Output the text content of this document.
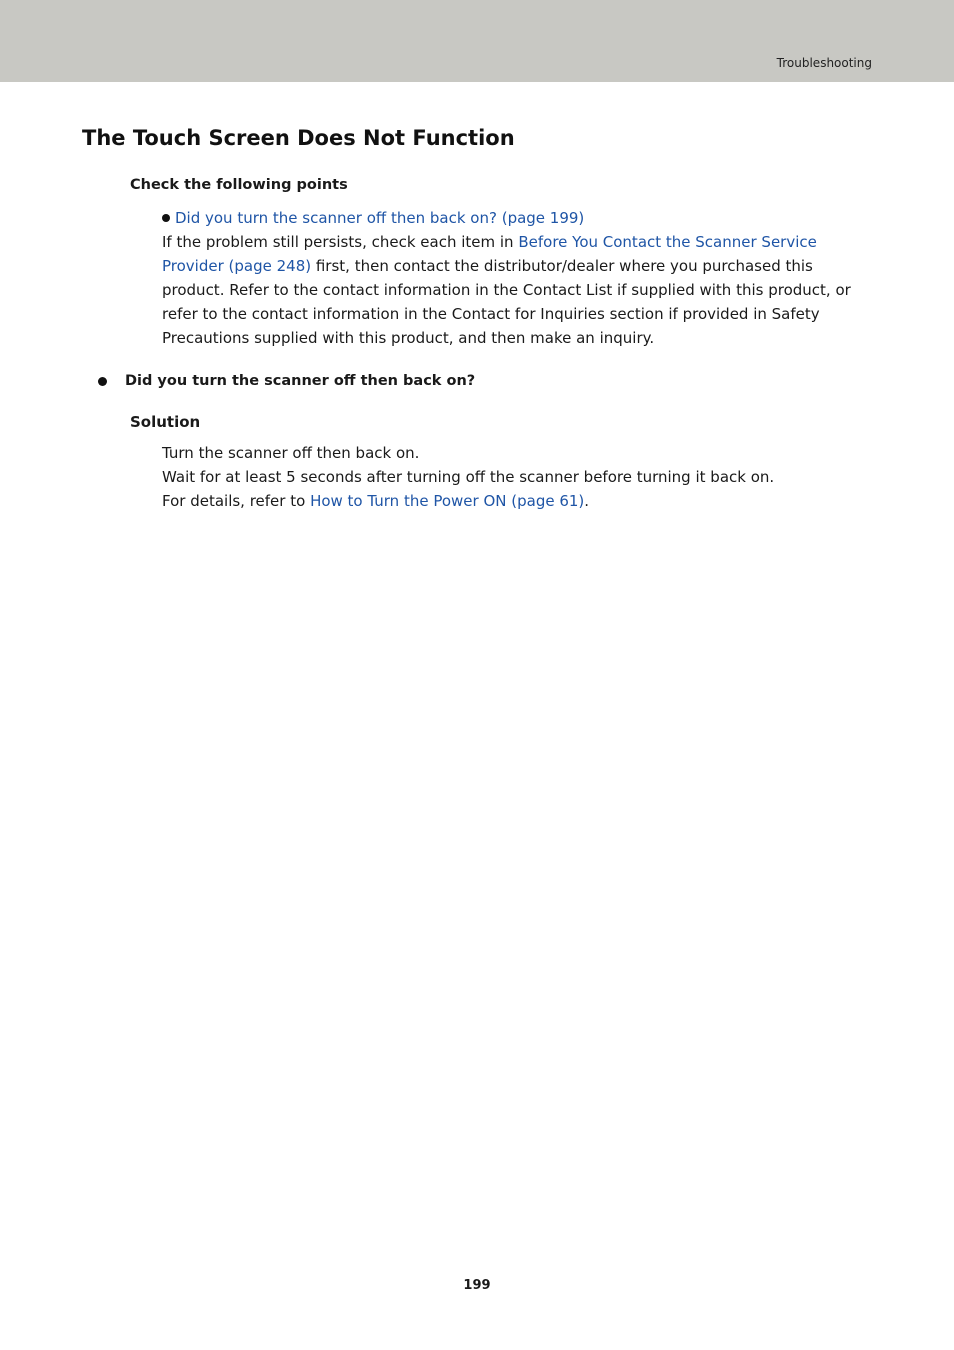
Troubleshooting
The Touch Screen Does Not Function
Check the following points

Did you turn the scanner off then back on? (page 199)

If the problem still persists, check each item in Before You Contact the Scanner Service Provider (page 248) first, then contact the distributor/dealer where you purchased this product. Refer to the contact information in the Contact List if supplied with this product, or refer to the contact information in the Contact for Inquiries section if provided in Safety Precautions supplied with this product, and then make an inquiry.

Did you turn the scanner off then back on?
Solution

Turn the scanner off then back on.

Wait for at least 5 seconds after turning off the scanner before turning it back on.

For details, refer to How to Turn the Power ON (page 61).

199
